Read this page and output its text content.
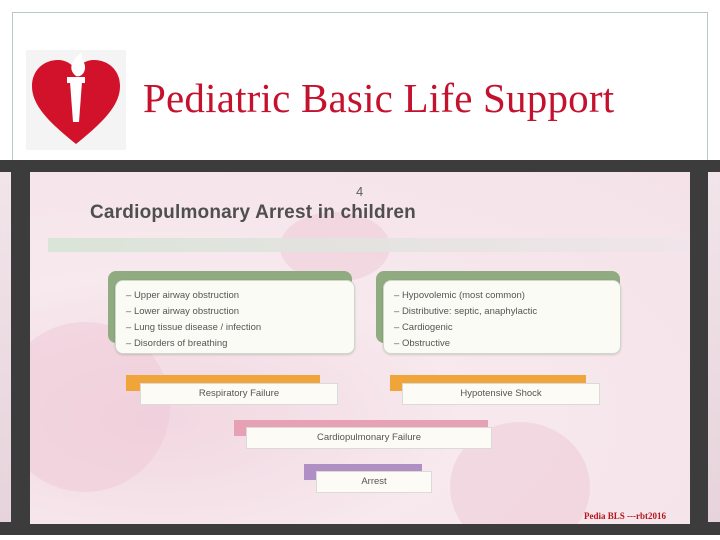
Pediatric Basic Life Support
4
Cardiopulmonary Arrest in children
– Upper airway obstruction
– Lower airway obstruction
– Lung tissue disease / infection
– Disorders of breathing
– Hypovolemic (most common)
– Distributive: septic, anaphylactic
– Cardiogenic
– Obstructive
Respiratory Failure	Hypotensive Shock
Cardiopulmonary Failure
Arrest
Pedia BLS ---rbt2016
